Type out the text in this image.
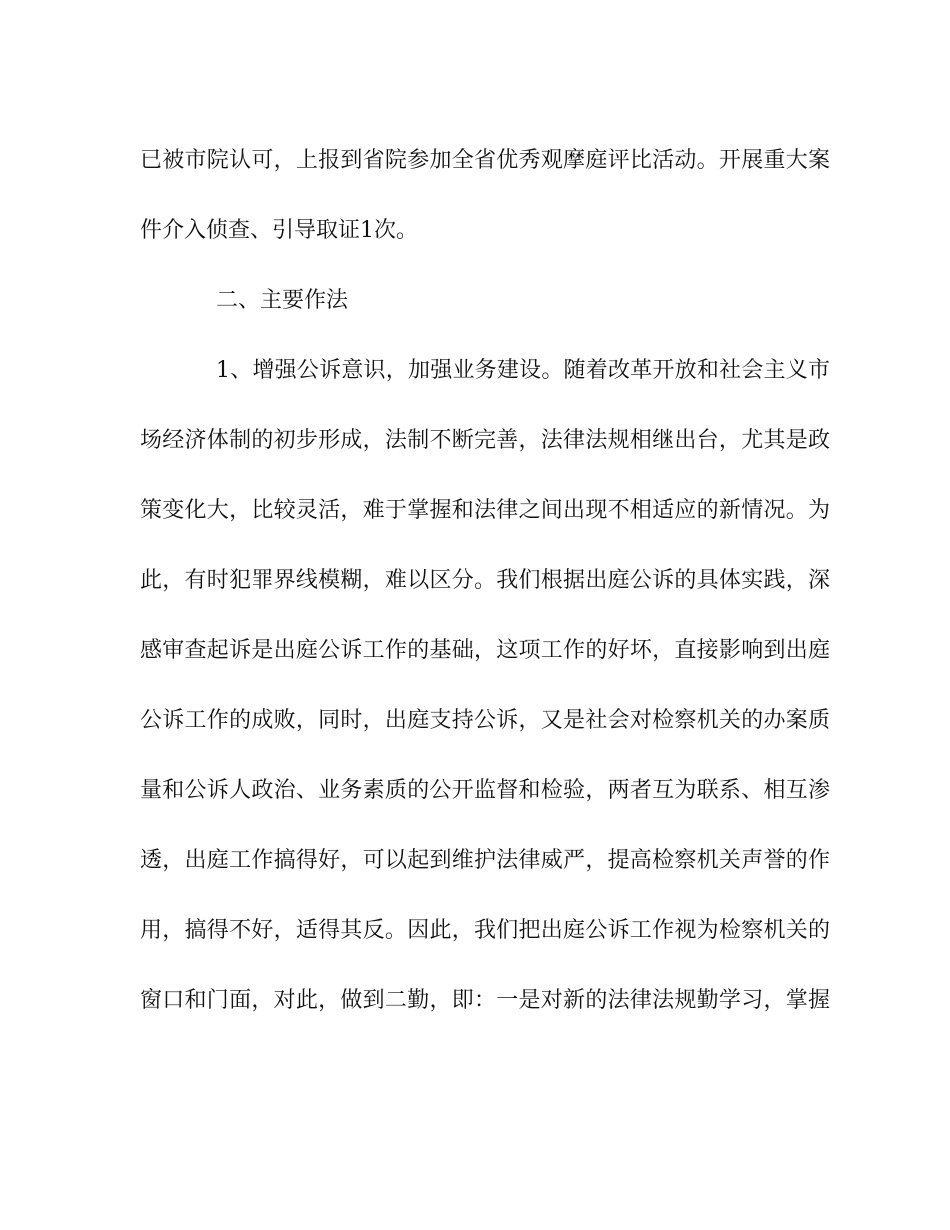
已被市院认可，上报到省院参加全省优秀观摩庭评比活动。开展重大案
件介入侦查、引导取证1次。
二、主要作法
1、增强公诉意识，加强业务建设。随着改革开放和社会主义市
场经济体制的初步形成，法制不断完善，法律法规相继出台，尤其是政
策变化大，比较灵活，难于掌握和法律之间出现不相适应的新情况。为
此，有时犯罪界线模糊，难以区分。我们根据出庭公诉的具体实践，深
感审查起诉是出庭公诉工作的基础，这项工作的好坏，直接影响到出庭
公诉工作的成败，同时，出庭支持公诉，又是社会对检察机关的办案质
量和公诉人政治、业务素质的公开监督和检验，两者互为联系、相互渗
透，出庭工作搞得好，可以起到维护法律威严，提高检察机关声誉的作
用，搞得不好，适得其反。因此，我们把出庭公诉工作视为检察机关的
窗口和门面，对此，做到二勤，即：一是对新的法律法规勤学习，掌握
